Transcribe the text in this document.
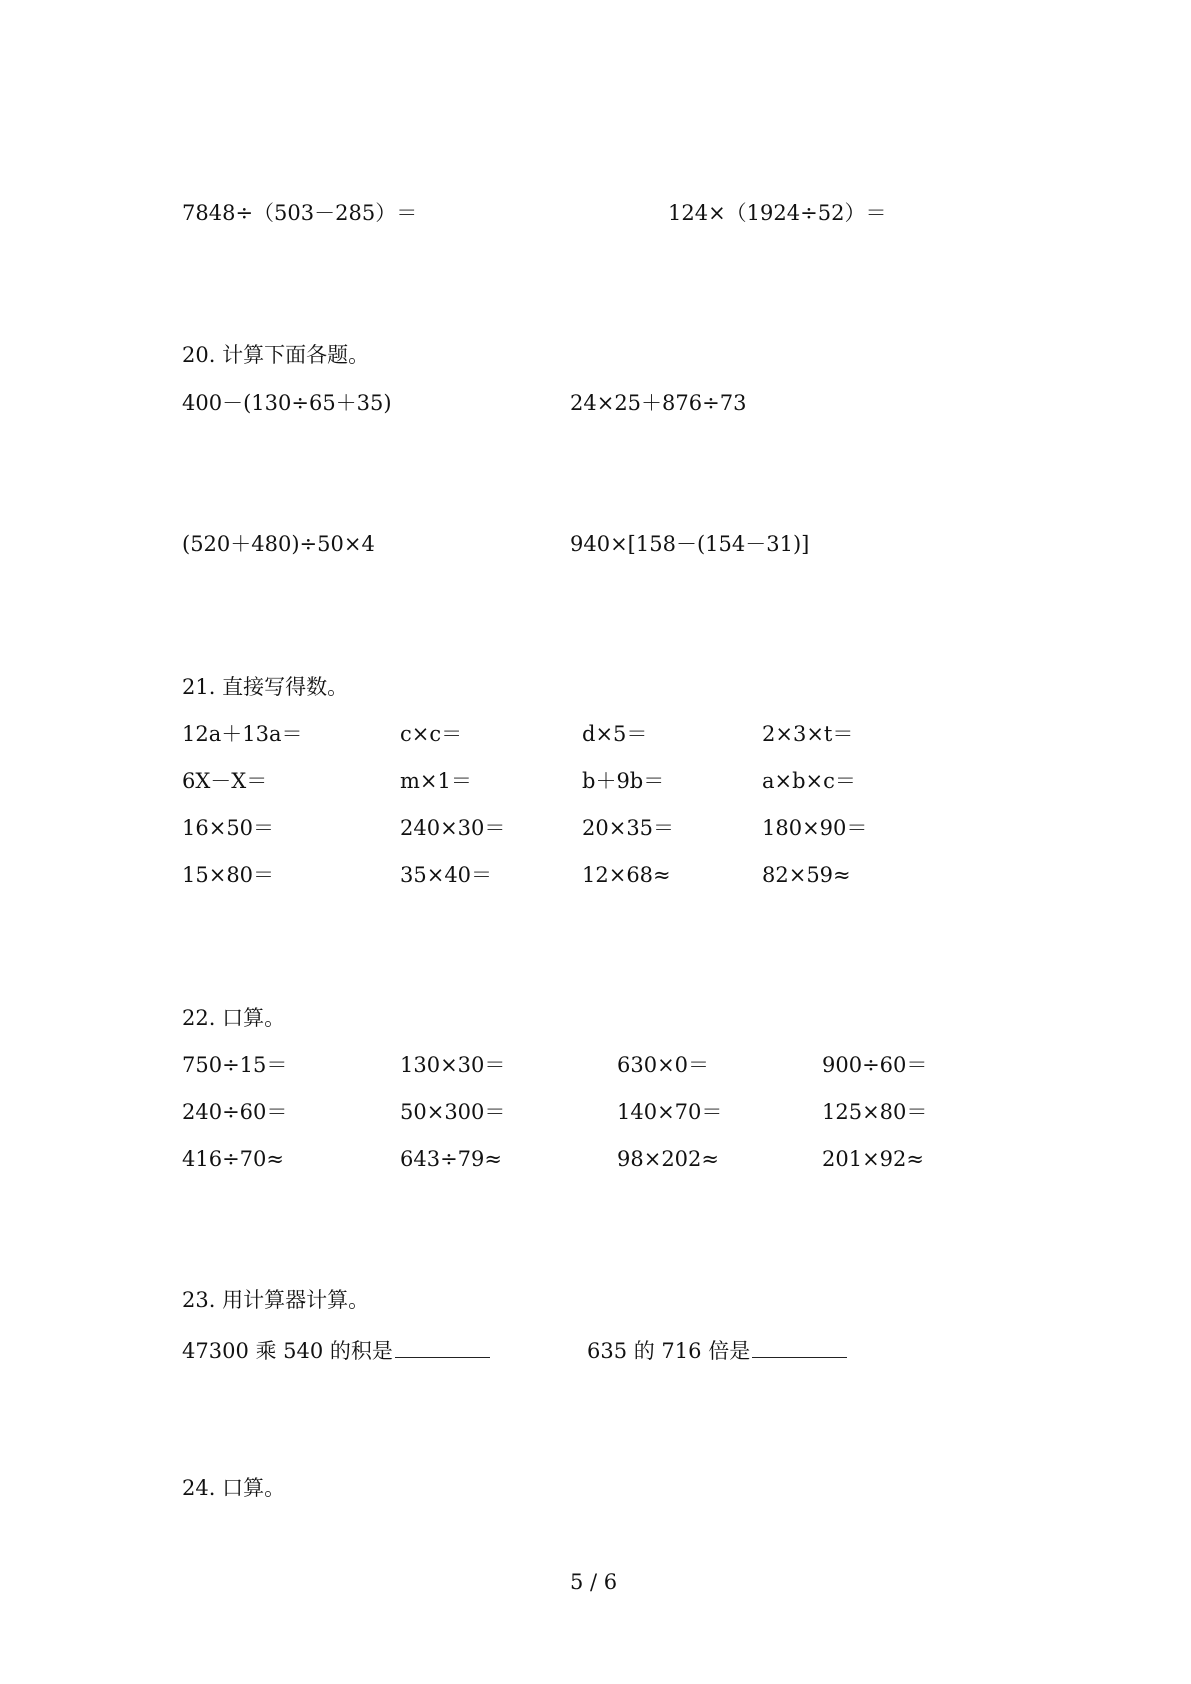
7848÷（503－285）＝	124×（1924÷52）＝
20. 计算下面各题。
400－(130÷65＋35)	24×25＋876÷73
(520＋480)÷50×4	940×[158－(154－31)]
21. 直接写得数。
12a＋13a＝	c×c＝	d×5＝	2×3×t＝
6X－X＝	m×1＝	b＋9b＝	a×b×c＝
16×50＝	240×30＝	20×35＝	180×90＝
15×80＝	35×40＝	12×68≈	82×59≈
22. 口算。
750÷15＝	130×30＝	630×0＝	900÷60＝
240÷60＝	50×300＝	140×70＝	125×80＝
416÷70≈	643÷79≈	98×202≈	201×92≈
23. 用计算器计算。
47300 乘 540 的积是	635 的 716 倍是
24. 口算。
5 / 6
